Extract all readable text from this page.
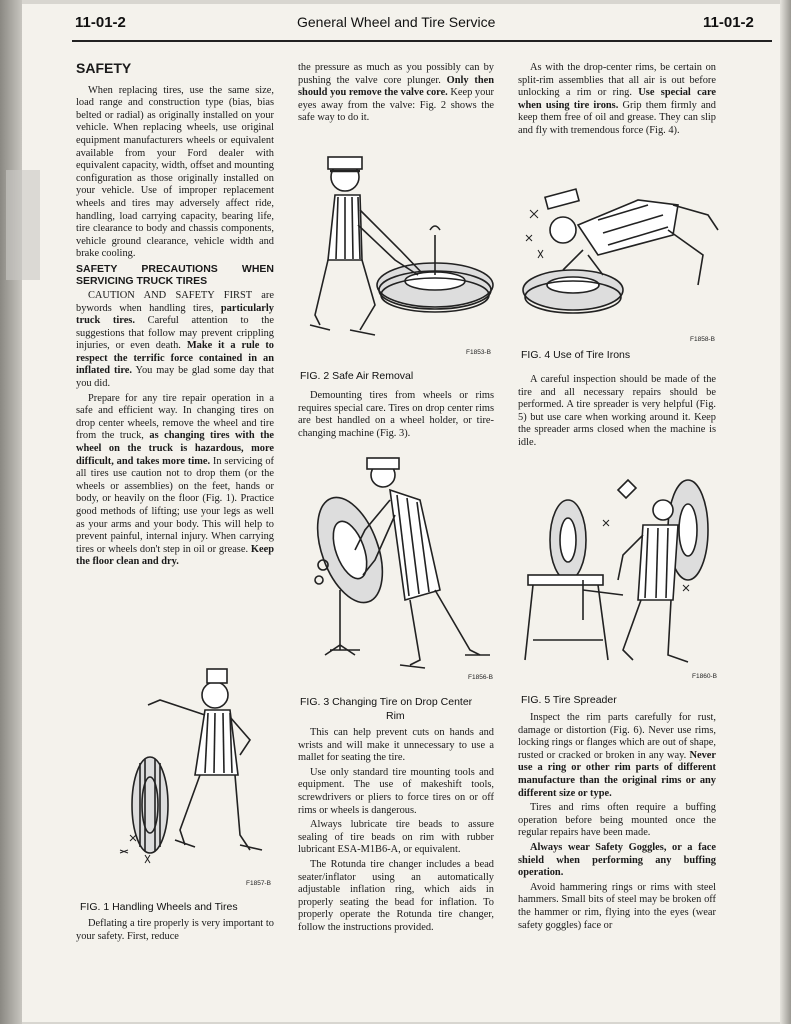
11-01-2	General Wheel and Tire Service	11-01-2
SAFETY

When replacing tires, use the same size, load range and construction type (bias, bias belted or radial) as originally installed on your vehicle. When replacing wheels, use original equipment manufacturers wheels or equivalent available from your Ford dealer with equivalent capacity, width, offset and mounting configuration as those originally installed on your vehicle. Use of improper replacement wheels and tires may adversely affect ride, handling, load carrying capacity, bearing life, tire clearance to body and chassis components, vehicle ground clearance, vehicle width and brake cooling.

SAFETY PRECAUTIONS WHEN SERVICING TRUCK TIRES

CAUTION AND SAFETY FIRST are bywords when handling tires, particularly truck tires. Careful attention to the suggestions that follow may prevent crippling injuries, or even death. Make it a rule to respect the terrific force contained in an inflated tire. You may be glad some day that you did.

Prepare for any tire repair operation in a safe and efficient way. In changing tires on drop center wheels, remove the wheel and tire from the truck, as changing tires with the wheel on the truck is hazardous, more difficult, and takes more time. In servicing of all tires use caution not to drop them (or the wheels or assemblies) on the feet, hands or body, or heavily on the floor (Fig. 1). Practice good methods of lifting; use your legs as well as your arms and your body. This will help to prevent painful, internal injury. When carrying tires or wheels don't step in oil or grease. Keep the floor clean and dry.

F1857-B
FIG. 1 Handling Wheels and Tires

Deflating a tire properly is very important to your safety. First, reduce

the pressure as much as you possibly can by pushing the valve core plunger. Only then should you remove the valve core. Keep your eyes away from the valve: Fig. 2 shows the safe way to do it.

F1853-B
FIG. 2 Safe Air Removal

Demounting tires from wheels or rims requires special care. Tires on drop center rims are best handled on a wheel holder, or tire-changing machine (Fig. 3).

F1856-B
FIG. 3 Changing Tire on Drop Center
Rim

This can help prevent cuts on hands and wrists and will make it unnecessary to use a mallet for seating the tire.

Use only standard tire mounting tools and equipment. The use of makeshift tools, screwdrivers or pliers to force tires on or off rims or wheels is dangerous.

Always lubricate tire beads to assure sealing of tire beads on rim with rubber lubricant ESA-M1B6-A, or equivalent.

The Rotunda tire changer includes a bead seater/inflator using an automatically adjustable inflation ring, which aids in properly seating the bead for inflation. To properly operate the Rotunda tire changer, follow the instructions provided.

As with the drop-center rims, be certain on split-rim assemblies that all air is out before unlocking a rim or ring. Use special care when using tire irons. Grip them firmly and keep them free of oil and grease. They can slip and fly with tremendous force (Fig. 4).

F1858-B
FIG. 4 Use of Tire Irons

A careful inspection should be made of the tire and all necessary repairs should be performed. A tire spreader is very helpful (Fig. 5) but use care when working around it. Keep the spreader arms closed when the machine is idle.

F1860-B
FIG. 5 Tire Spreader

Inspect the rim parts carefully for rust, damage or distortion (Fig. 6). Never use rims, locking rings or flanges which are out of shape, rusted or cracked or broken in any way. Never use a ring or other rim parts of different manufacture than the original rims or any different size or type.

Tires and rims often require a buffing operation before being mounted once the regular repairs have been made.

Always wear Safety Goggles, or a face shield when performing any buffing operation.

Avoid hammering rings or rims with steel hammers. Small bits of steel may be broken off the hammer or rim, flying into the eyes (wear safety goggles) face or
